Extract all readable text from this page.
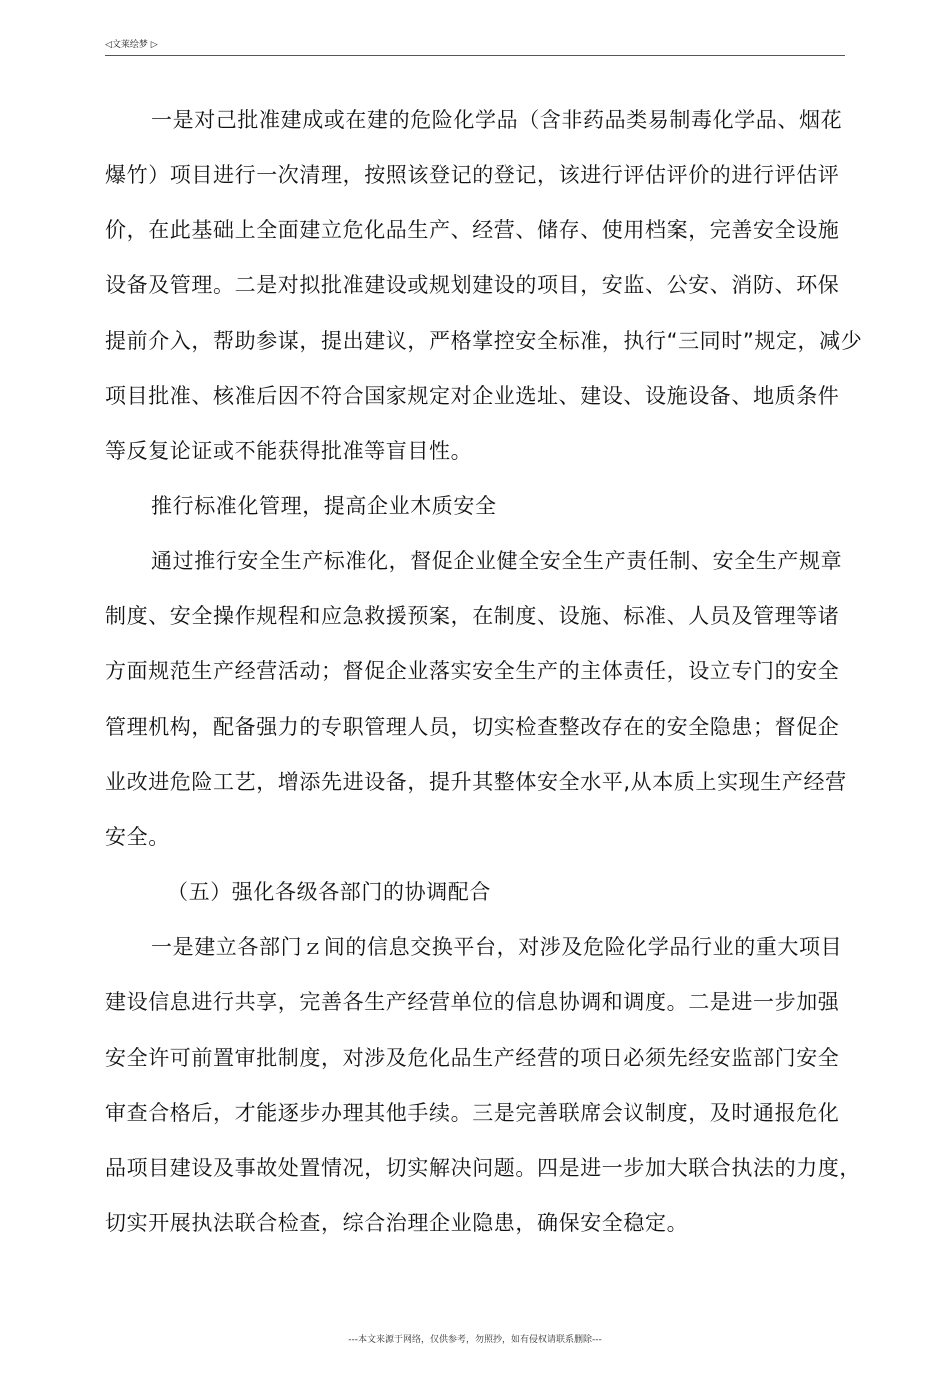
◁文莱绘梦 ▷
一是对己批准建成或在建的危险化学品（含非药品类易制毒化学品、烟花
爆竹）项目进行一次清理，按照该登记的登记，该进行评估评价的进行评估评
价，在此基础上全面建立危化品生产、经营、储存、使用档案，完善安全设施
设备及管理。二是对拟批准建设或规划建设的项目，安监、公安、消防、环保
提前介入，帮助参谋，提出建议，严格掌控安全标准，执行“三同时”规定，减少
项目批准、核准后因不符合国家规定对企业选址、建设、设施设备、地质条件
等反复论证或不能获得批准等盲目性。
推行标准化管理，提高企业木质安全
通过推行安全生产标准化，督促企业健全安全生产责任制、安全生产规章
制度、安全操作规程和应急救援预案，在制度、设施、标准、人员及管理等诸
方面规范生产经营活动；督促企业落实安全生产的主体责任，设立专门的安全
管理机构，配备强力的专职管理人员，切实检查整改存在的安全隐患；督促企
业改进危险工艺，增添先进设备，提升其整体安全水平,从本质上实现生产经营
安全。
（五）强化各级各部门的协调配合
一是建立各部门ｚ间的信息交换平台，对涉及危险化学品行业的重大项目
建设信息进行共享，完善各生产经营单位的信息协调和调度。二是进一步加强
安全许可前置审批制度，对涉及危化品生产经营的项日必须先经安监部门安全
审查合格后，才能逐步办理其他手续。三是完善联席会议制度，及时通报危化
品项目建设及事故处置情况，切实解决问题。四是进一步加大联合执法的力度，
切实开展执法联合检查，综合治理企业隐患，确保安全稳定。
---本文来源于网络，仅供参考，勿照抄，如有侵权请联系删除---
